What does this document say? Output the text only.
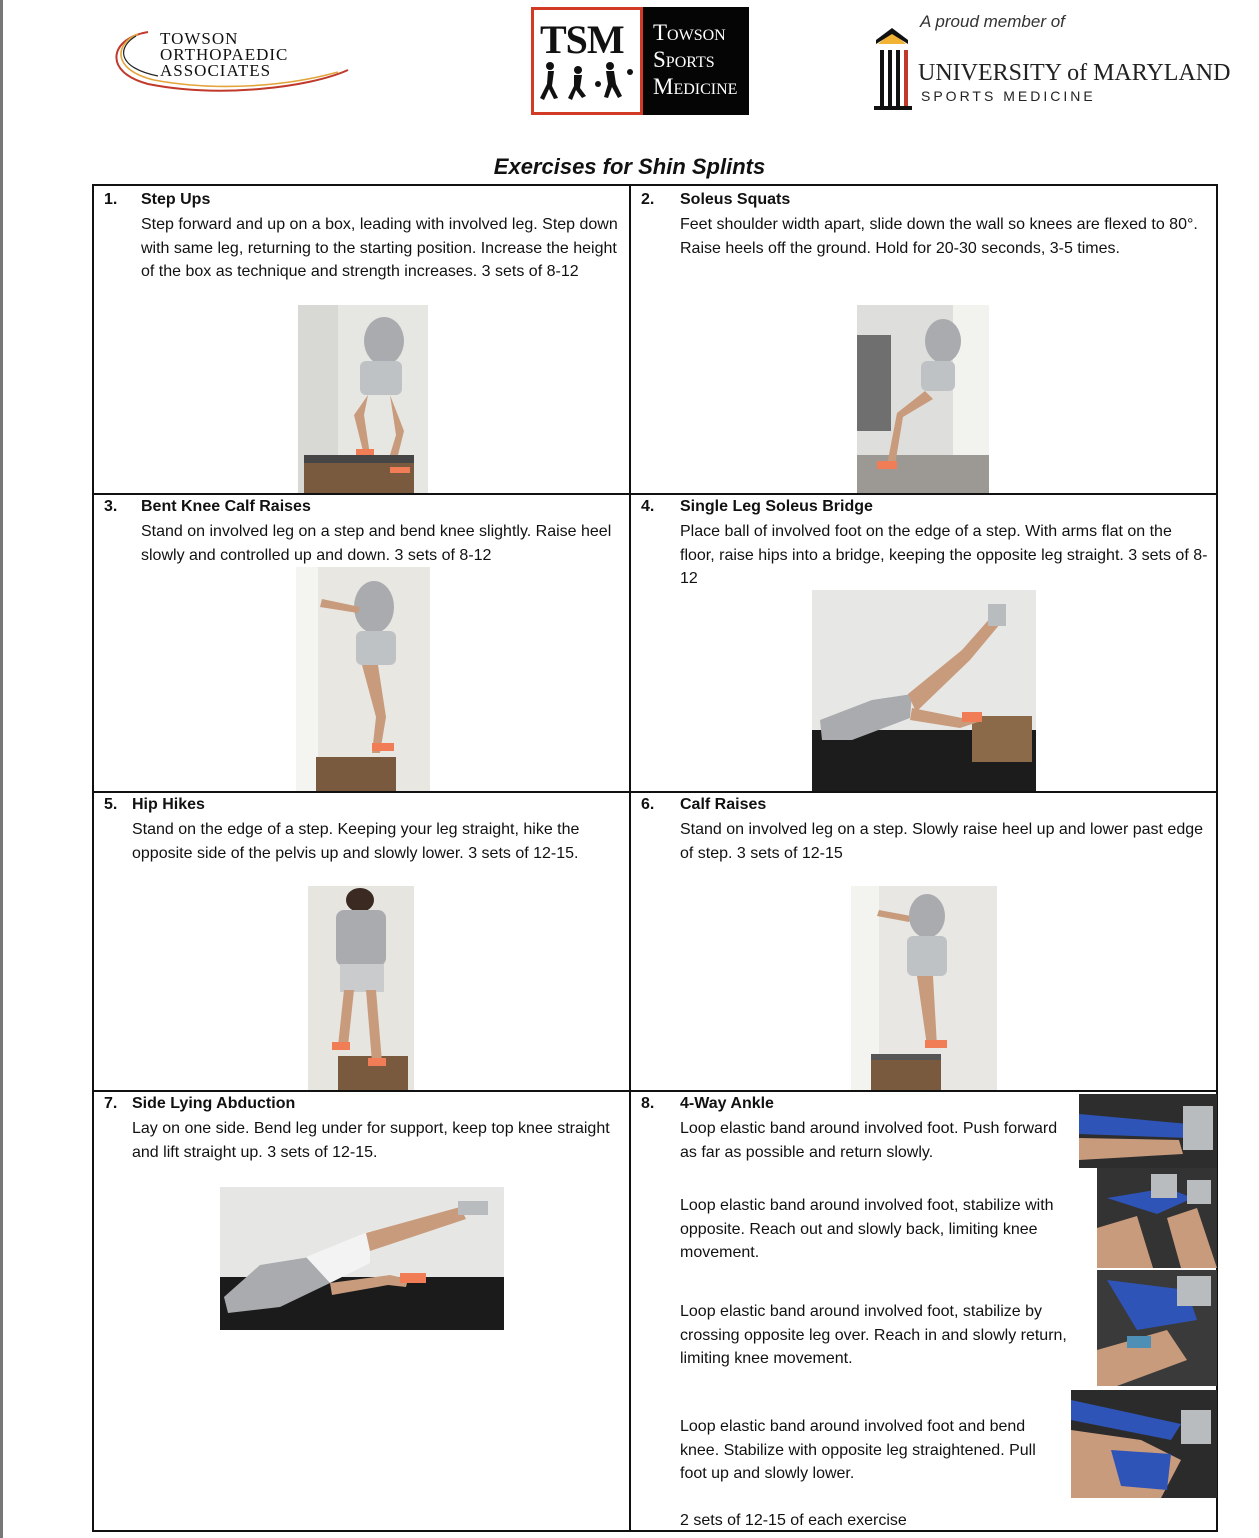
TOWSON
ORTHOPAEDIC
ASSOCIATES
TSM Towson
Sports
Medicine
A proud member of
UNIVERSITY of MARYLAND
SPORTS MEDICINE
Exercises for Shin Splints
1. Step Ups
Step forward and up on a box, leading with involved leg. Step down with same leg, returning to the starting position. Increase the height of the box as technique and strength increases. 3 sets of 8-12
2. Soleus Squats
Feet shoulder width apart, slide down the wall so knees are flexed to 80°. Raise heels off the ground. Hold for 20-30 seconds, 3-5 times.
3. Bent Knee Calf Raises
Stand on involved leg on a step and bend knee slightly. Raise heel slowly and controlled up and down. 3 sets of 8-12
4. Single Leg Soleus Bridge
Place ball of involved foot on the edge of a step. With arms flat on the floor, raise hips into a bridge, keeping the opposite leg straight. 3 sets of 8-12
5. Hip Hikes
Stand on the edge of a step. Keeping your leg straight, hike the opposite side of the pelvis up and slowly lower. 3 sets of 12-15.
6. Calf Raises
Stand on involved leg on a step. Slowly raise heel up and lower past edge of step. 3 sets of 12-15
7. Side Lying Abduction
Lay on one side. Bend leg under for support, keep top knee straight and lift straight up. 3 sets of 12-15.
8. 4-Way Ankle
Loop elastic band around involved foot. Push forward as far as possible and return slowly.
Loop elastic band around involved foot, stabilize with opposite. Reach out and slowly back, limiting knee movement.
Loop elastic band around involved foot, stabilize by crossing opposite leg over. Reach in and slowly return, limiting knee movement.
Loop elastic band around involved foot and bend knee. Stabilize with opposite leg straightened. Pull foot up and slowly lower.
2 sets of 12-15 of each exercise
